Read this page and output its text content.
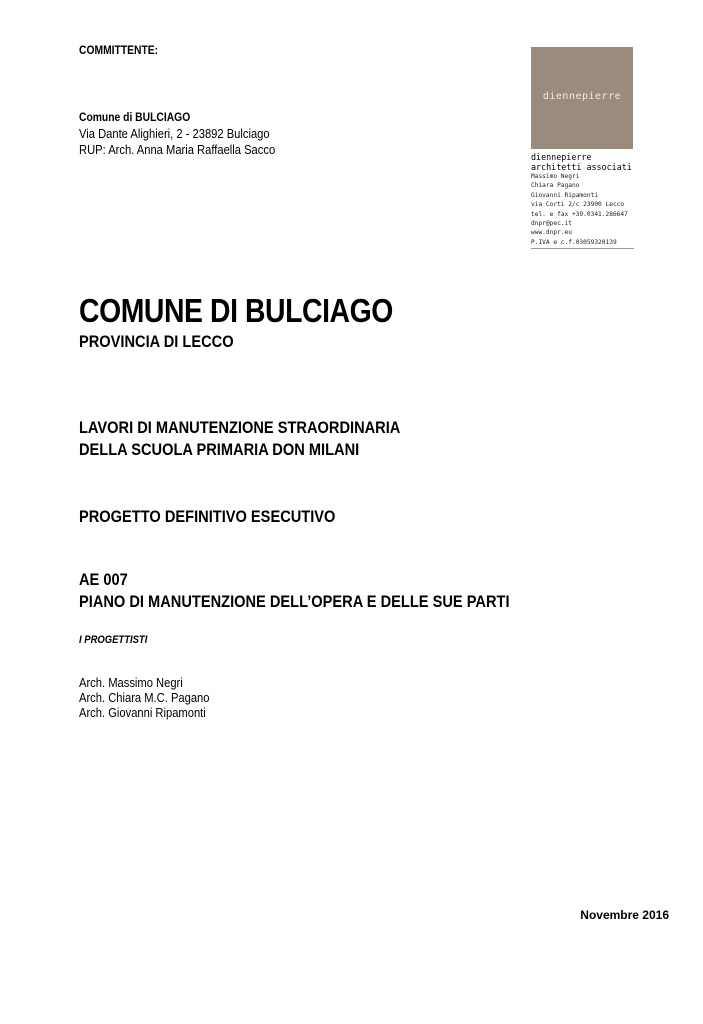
COMMITTENTE:
Comune di BULCIAGO
Via Dante Alighieri, 2 - 23892 Bulciago
RUP: Arch. Anna Maria Raffaella Sacco
diennepierre
diennepierre
architetti associati
Massimo Negri
Chiara Pagano
Giovanni Ripamonti
via Corti 2/c 23900 Lecco
tel. e fax +39.0341.286647
dnpr@pec.it
www.dnpr.eu
P.IVA e c.f.03059320139
COMUNE DI BULCIAGO
PROVINCIA DI LECCO
LAVORI DI MANUTENZIONE STRAORDINARIA
DELLA SCUOLA PRIMARIA DON MILANI
PROGETTO DEFINITIVO ESECUTIVO
AE 007
PIANO DI MANUTENZIONE DELL’OPERA E DELLE SUE PARTI
I PROGETTISTI
Arch. Massimo Negri
Arch. Chiara M.C. Pagano
Arch. Giovanni Ripamonti
Novembre 2016
